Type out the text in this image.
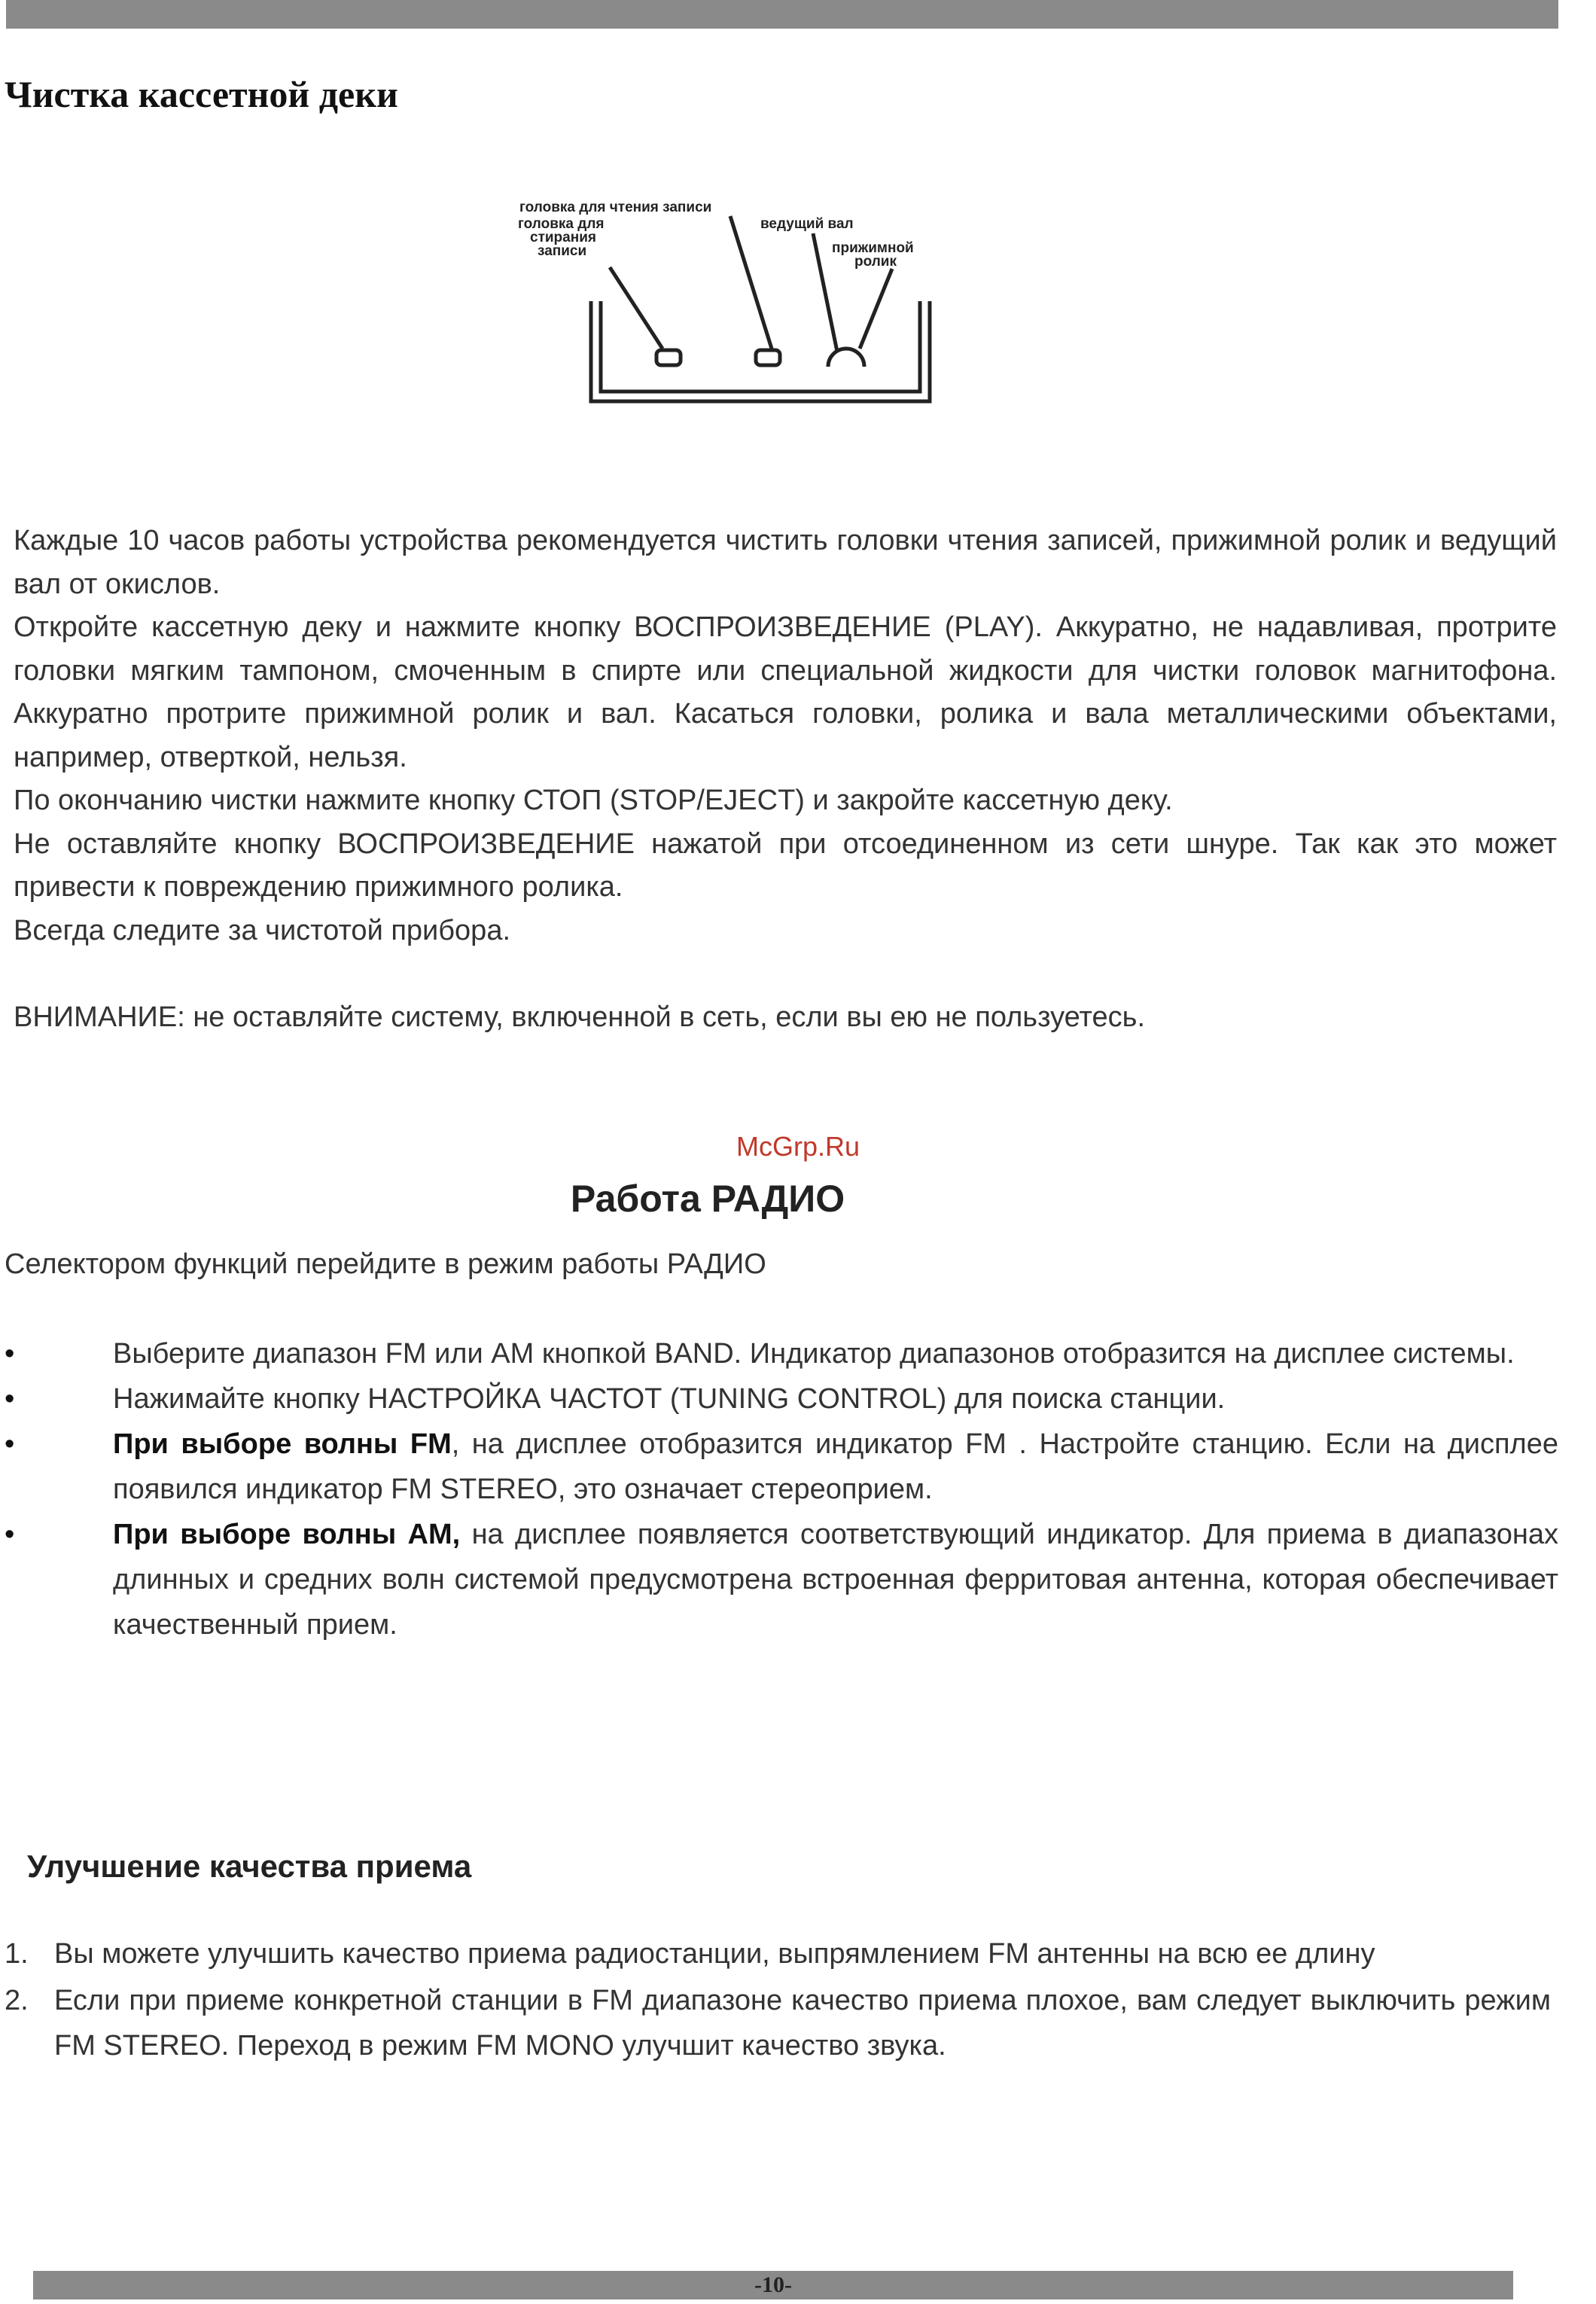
Чистка кассетной деки
головка для чтения записи
головка для
стирания
записи
ведущий вал
прижимной
ролик

Каждые 10 часов работы устройства рекомендуется чистить головки чтения записей, прижимной ролик и ведущий вал от окислов.

Откройте кассетную деку и нажмите кнопку ВОСПРОИЗВЕДЕНИЕ (PLAY). Аккуратно, не надавливая, протрите головки мягким тампоном, смоченным в спирте или специальной жидкости для чистки головок магнитофона. Аккуратно протрите прижимной ролик и вал. Касаться головки, ролика и вала металлическими объектами, например, отверткой, нельзя.

По окончанию чистки нажмите кнопку СТОП (STOP/EJECT) и закройте кассетную деку.

Не оставляйте кнопку ВОСПРОИЗВЕДЕНИЕ нажатой при отсоединенном из сети шнуре. Так как это может привести к повреждению прижимного ролика.

Всегда следите за чистотой прибора.

ВНИМАНИЕ: не оставляйте систему, включенной в сеть, если вы ею не пользуетесь.
McGrp.Ru
Работа РАДИО
Селектором функций перейдите в режим работы РАДИО
•	Выберите диапазон FM или AM кнопкой BAND. Индикатор диапазонов отобразится на дисплее системы.
•	Нажимайте кнопку НАСТРОЙКА ЧАСТОТ (TUNING CONTROL) для поиска станции.
•	При выборе волны FM, на дисплее отобразится индикатор FM . Настройте станцию. Если на дисплее появился индикатор FM STEREO, это означает стереоприем.
•	При выборе волны AM, на дисплее появляется соответствующий индикатор. Для приема в диапазонах длинных и средних волн системой предусмотрена встроенная ферритовая антенна, которая обеспечивает качественный прием.
Улучшение качества приема
1. Вы можете улучшить качество приема радиостанции, выпрямлением FM антенны на всю ее длину
2. Если при приеме конкретной станции в FM диапазоне качество приема плохое, вам следует выключить режим FM STEREO. Переход в режим FM MONO улучшит качество звука.
-10-
